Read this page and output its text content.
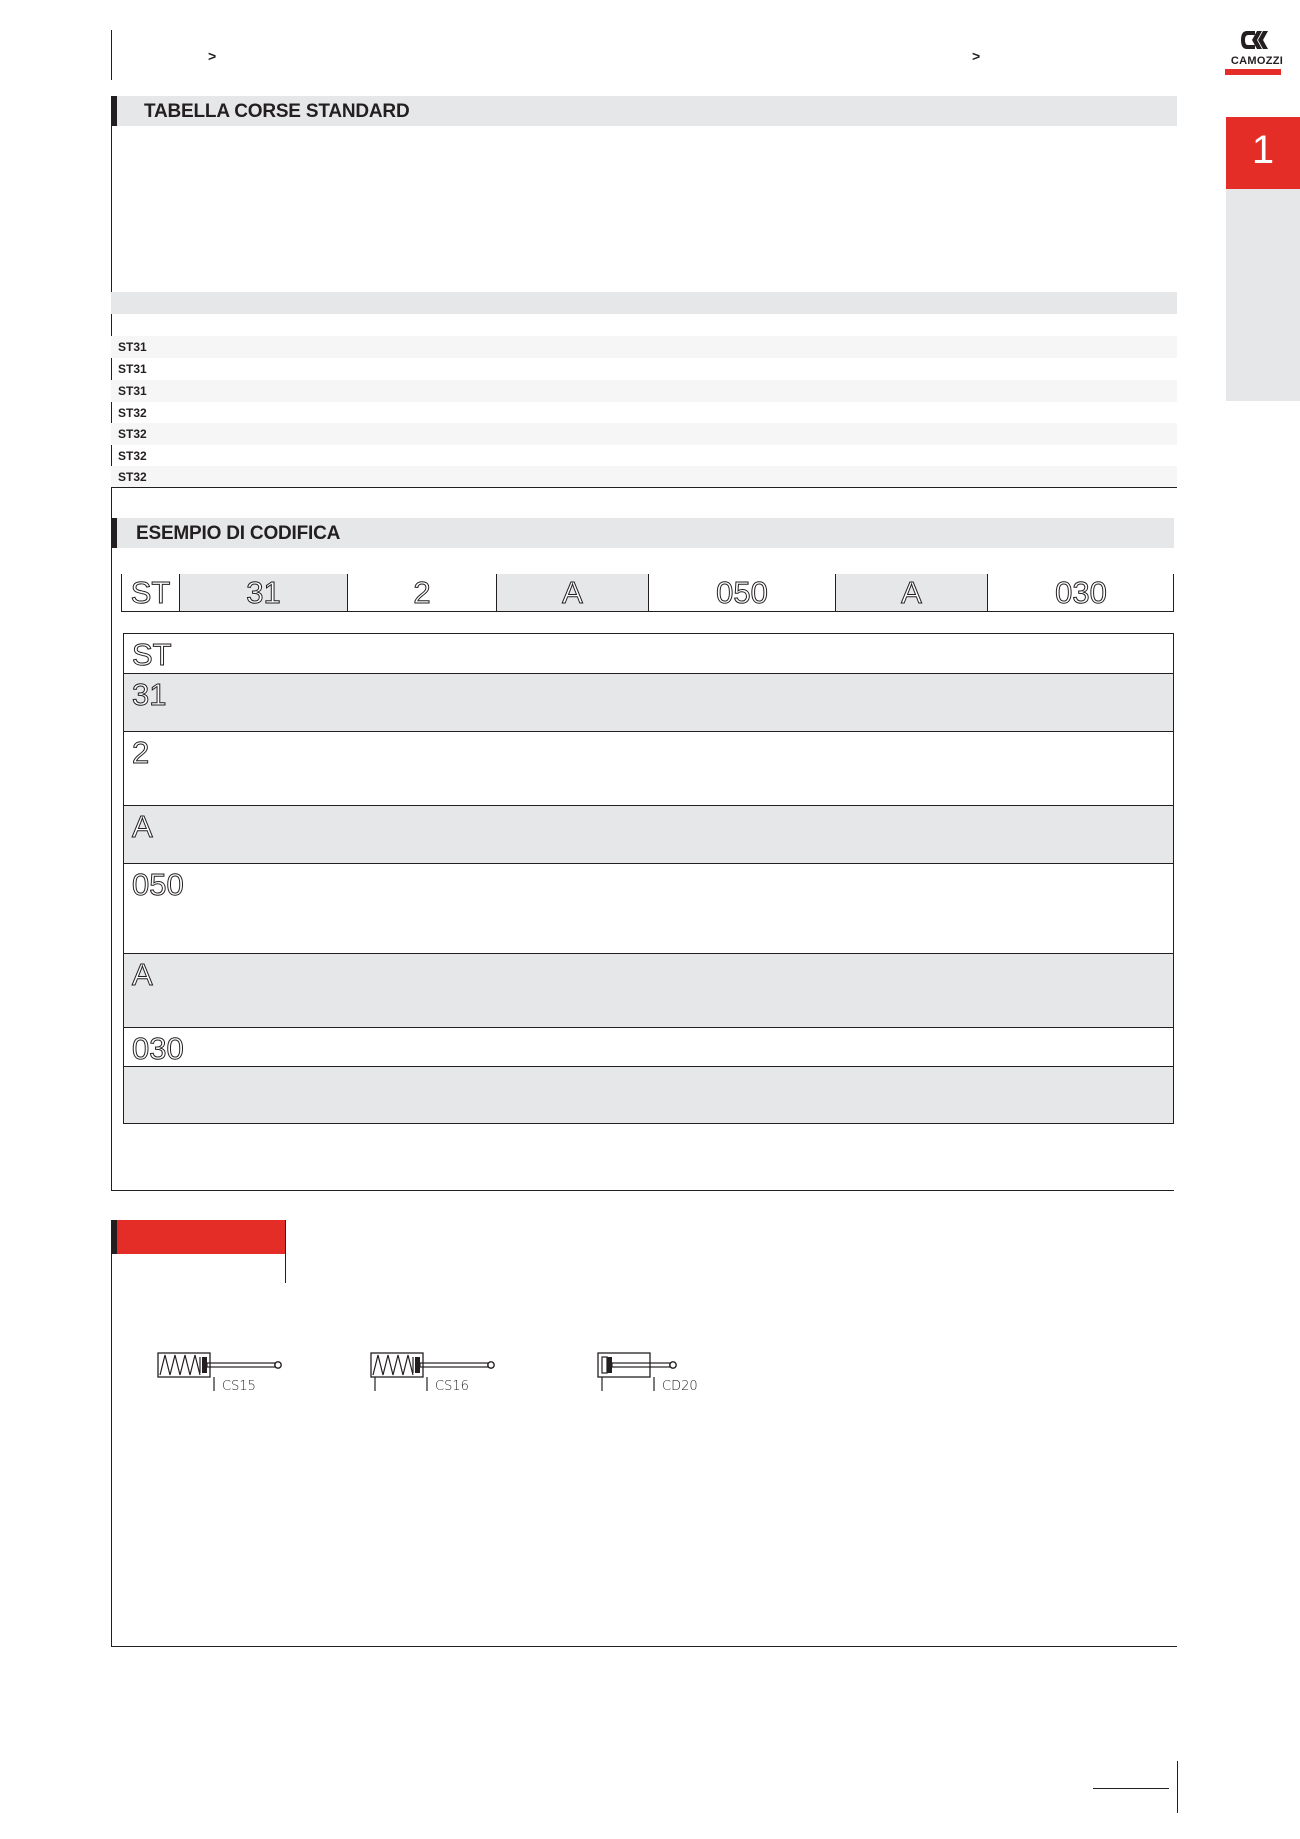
>	>	CAMOZZI
1
TABELLA CORSE STANDARD
ST31
ST31
ST31
ST32
ST32
ST32
ST32
ESEMPIO DI CODIFICA
ST	31	2	A	050	A	030
ST
31
2
A
050
A
030
CS15	CS16	CD20
